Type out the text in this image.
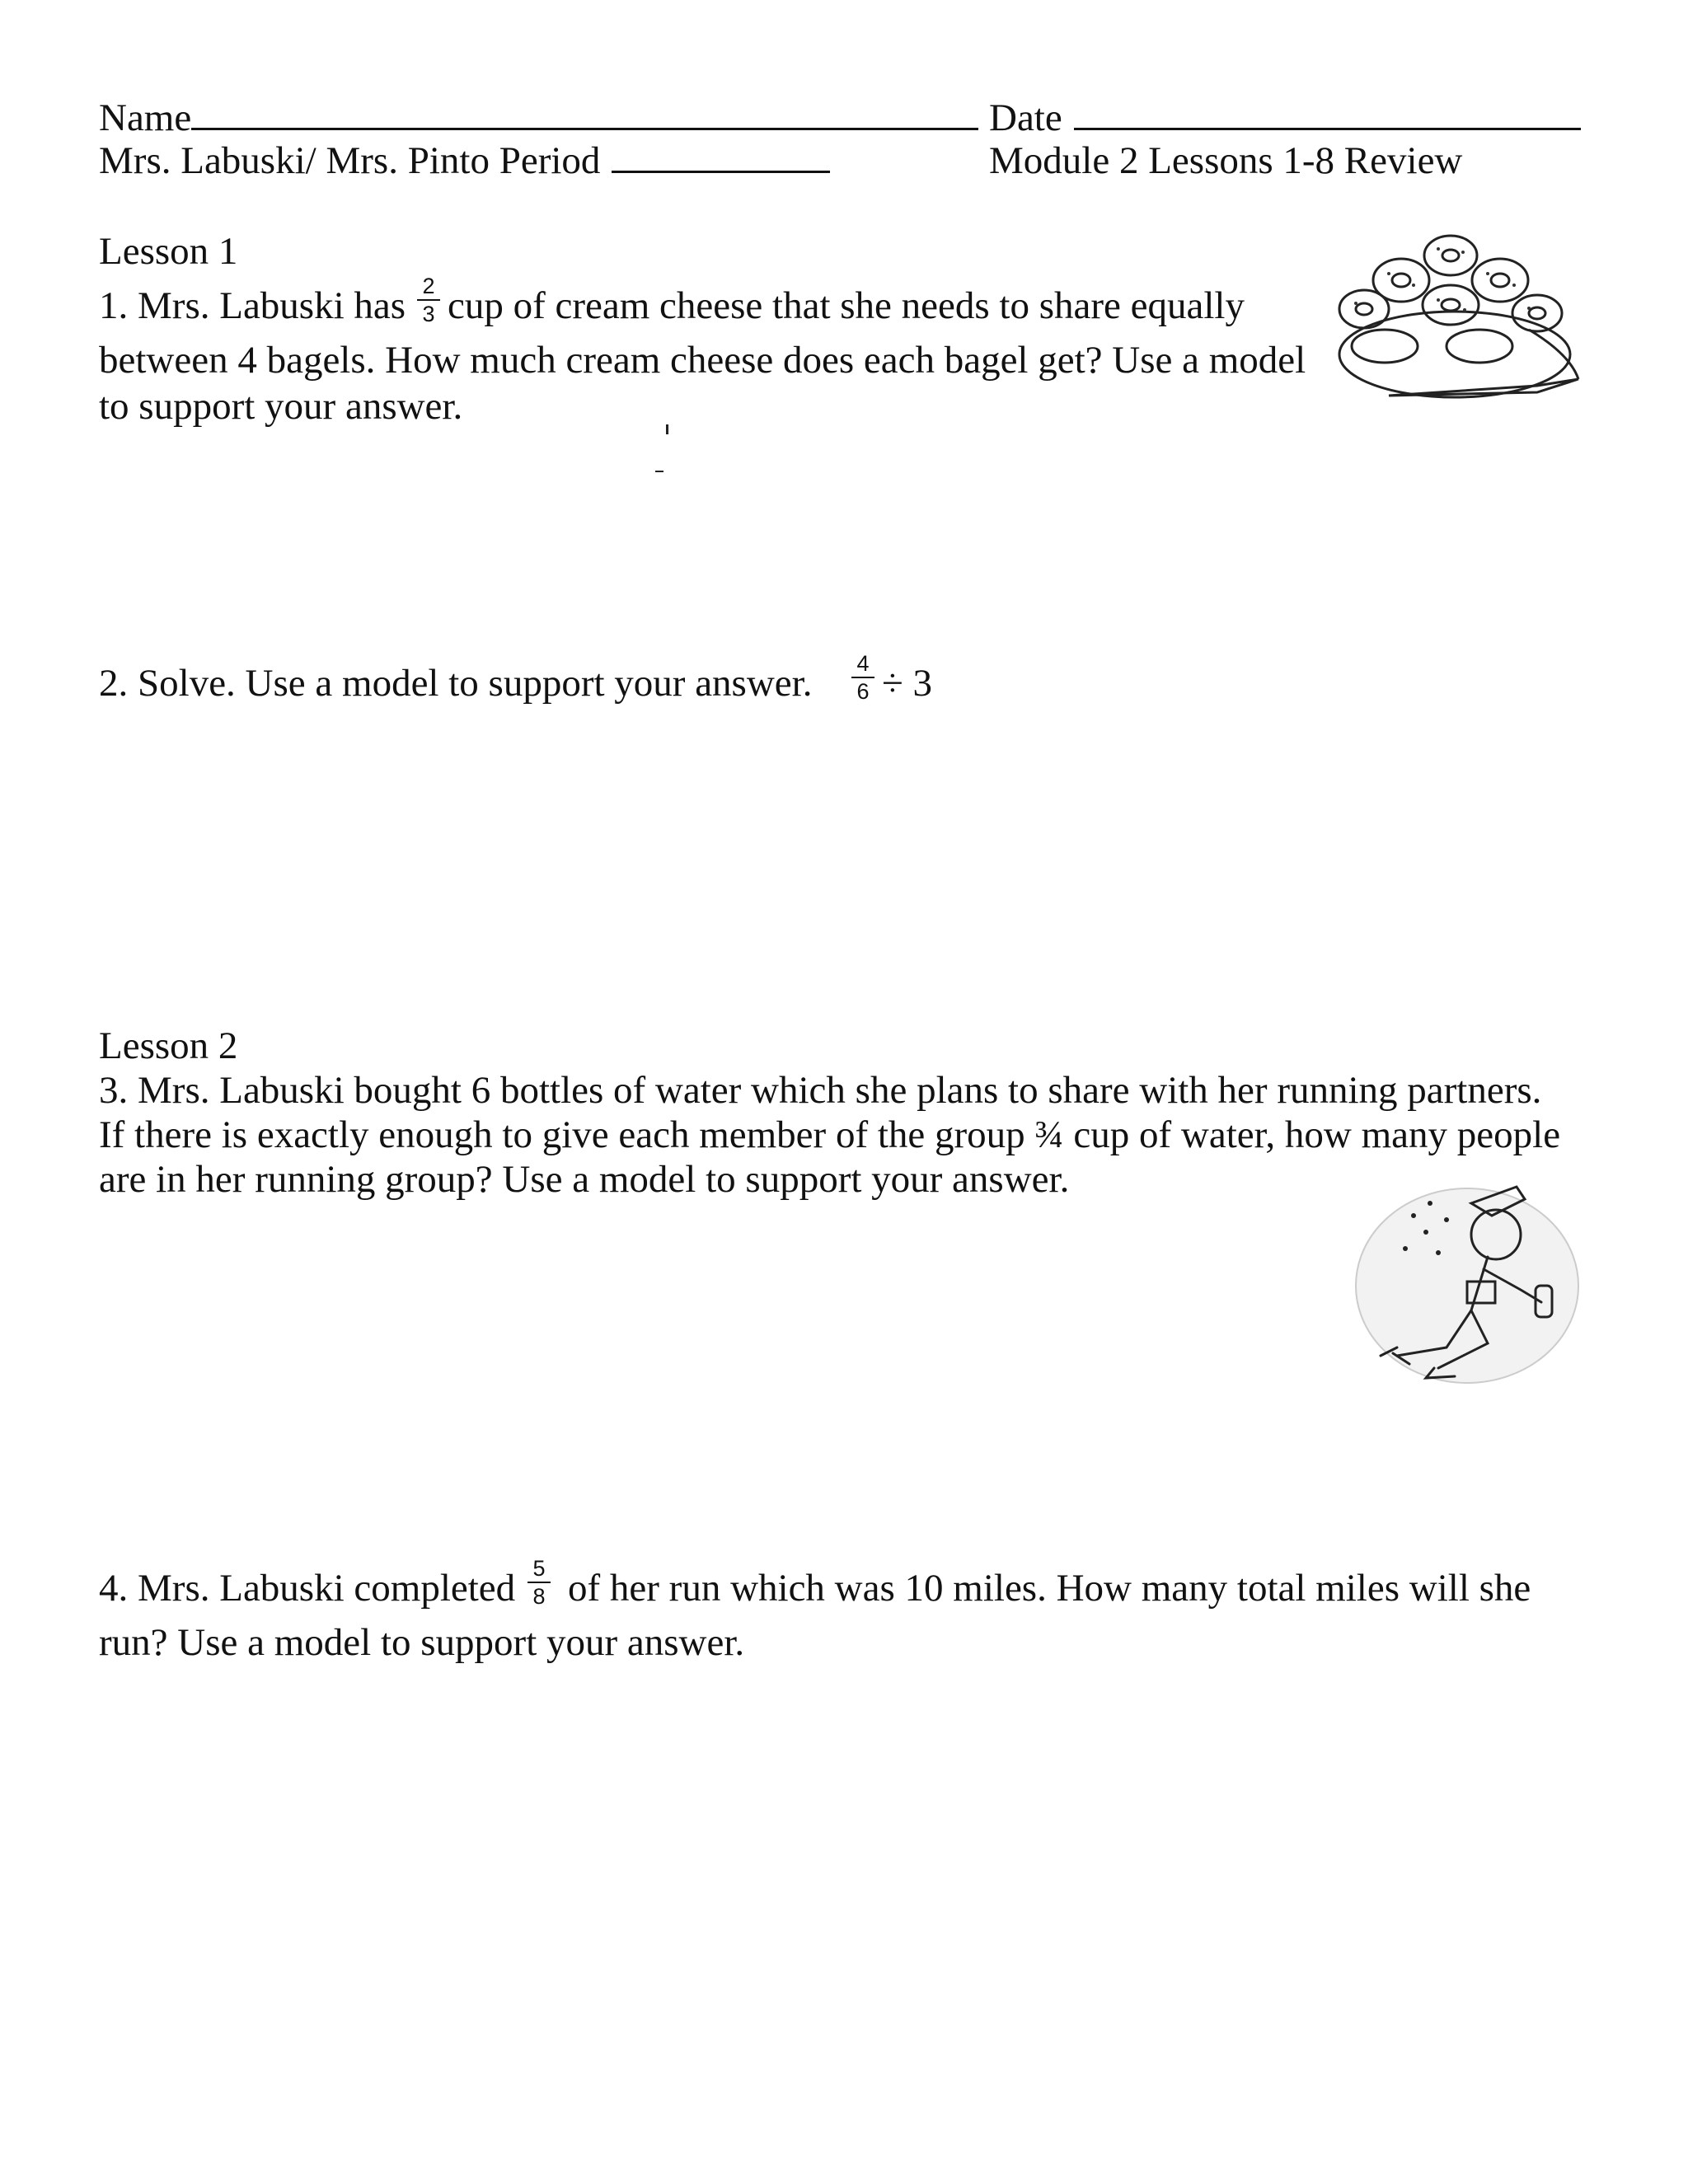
Name	Date
Mrs. Labuski/ Mrs. Pinto Period	Module 2 Lessons 1-8 Review
Lesson 1
1. Mrs. Labuski has 2
3 cup of cream cheese that she needs to share equally
between 4 bagels. How much cream cheese does each bagel get? Use a model
to support your answer.
2. Solve. Use a model to support your answer. 4
6 ÷ 3
Lesson 2
3. Mrs. Labuski bought 6 bottles of water which she plans to share with her running partners.
If there is exactly enough to give each member of the group ¾ cup of water, how many people
are in her running group? Use a model to support your answer.
4. Mrs. Labuski completed 5
8 of her run which was 10 miles. How many total miles will she
run? Use a model to support your answer.
